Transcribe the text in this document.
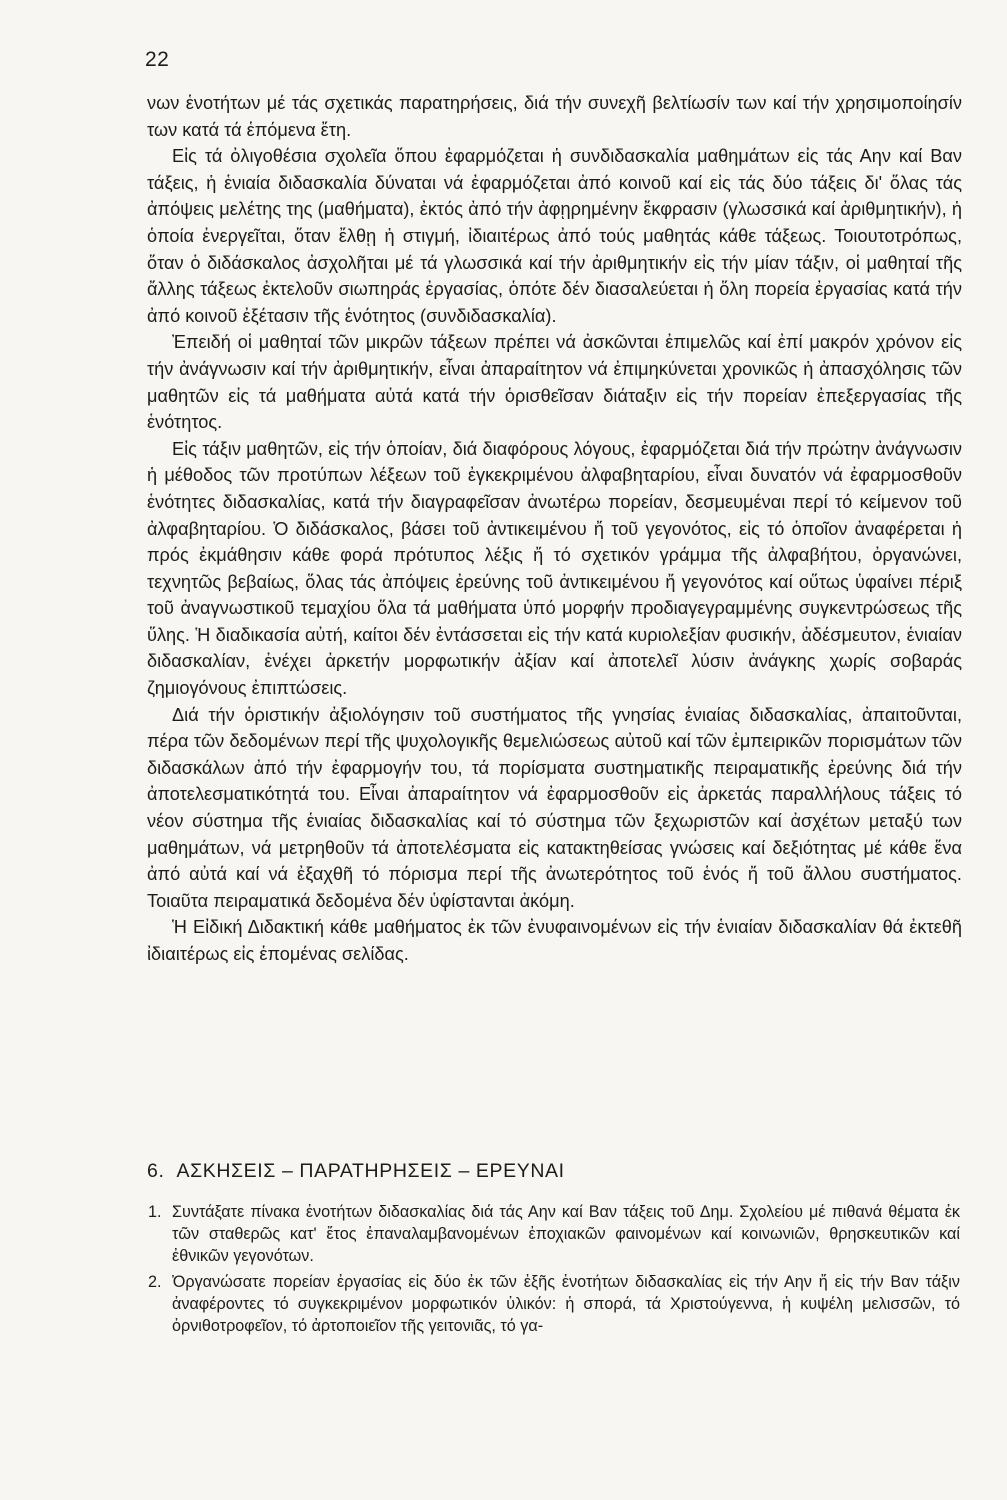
22

νων ἑνοτήτων μέ τάς σχετικάς παρατηρήσεις, διά τήν συνεχῆ βελτίωσίν των καί τήν χρησιμοποίησίν των κατά τά ἑπόμενα ἔτη.

Εἰς τά ὀλιγοθέσια σχολεῖα ὅπου ἐφαρμόζεται ἡ συνδιδασκαλία μαθημάτων εἰς τάς Αην καί Βαν τάξεις, ἡ ἑνιαία διδασκαλία δύναται νά ἐφαρμόζεται ἀπό κοινοῦ καί εἰς τάς δύο τάξεις δι' ὅλας τάς ἀπόψεις μελέτης της (μαθήματα), ἐκτός ἀπό τήν ἀφῃρημένην ἔκφρασιν (γλωσσικά καί ἀριθμητικήν), ἡ ὁποία ἐνεργεῖται, ὅταν ἔλθῃ ἡ στιγμή, ἰδιαιτέρως ἀπό τούς μαθητάς κάθε τάξεως. Τοιουτοτρόπως, ὅταν ὁ διδάσκαλος ἀσχολῆται μέ τά γλωσσικά καί τήν ἀριθμητικήν εἰς τήν μίαν τάξιν, οἱ μαθηταί τῆς ἄλλης τάξεως ἐκτελοῦν σιωπηράς ἐργασίας, ὁπότε δέν διασαλεύεται ἡ ὅλη πορεία ἐργασίας κατά τήν ἀπό κοινοῦ ἐξέτασιν τῆς ἑνότητος (συνδιδασκαλία).

Ἐπειδή οἱ μαθηταί τῶν μικρῶν τάξεων πρέπει νά ἀσκῶνται ἐπιμελῶς καί ἐπί μακρόν χρόνον εἰς τήν ἀνάγνωσιν καί τήν ἀριθμητικήν, εἶναι ἀπαραίτητον νά ἐπιμηκύνεται χρονικῶς ἡ ἀπασχόλησις τῶν μαθητῶν εἰς τά μαθήματα αὐτά κατά τήν ὁρισθεῖσαν διάταξιν εἰς τήν πορείαν ἐπεξεργασίας τῆς ἑνότητος.

Εἰς τάξιν μαθητῶν, εἰς τήν ὁποίαν, διά διαφόρους λόγους, ἐφαρμόζεται διά τήν πρώτην ἀνάγνωσιν ἡ μέθοδος τῶν προτύπων λέξεων τοῦ ἐγκεκριμένου ἀλφαβηταρίου, εἶναι δυνατόν νά ἐφαρμοσθοῦν ἑνότητες διδασκαλίας, κατά τήν διαγραφεῖσαν ἀνωτέρω πορείαν, δεσμευμέναι περί τό κείμενον τοῦ ἀλφαβηταρίου. Ὁ διδάσκαλος, βάσει τοῦ ἀντικειμένου ἤ τοῦ γεγονότος, εἰς τό ὁποῖον ἀναφέρεται ἡ πρός ἐκμάθησιν κάθε φορά πρότυπος λέξις ἤ τό σχετικόν γράμμα τῆς ἀλφαβήτου, ὀργανώνει, τεχνητῶς βεβαίως, ὅλας τάς ἀπόψεις ἐρεύνης τοῦ ἀντικειμένου ἤ γεγονότος καί οὕτως ὑφαίνει πέριξ τοῦ ἀναγνωστικοῦ τεμαχίου ὅλα τά μαθήματα ὑπό μορφήν προδιαγεγραμμένης συγκεντρώσεως τῆς ὕλης. Ἡ διαδικασία αὐτή, καίτοι δέν ἐντάσσεται εἰς τήν κατά κυριολεξίαν φυσικήν, ἀδέσμευτον, ἑνιαίαν διδασκαλίαν, ἐνέχει ἀρκετήν μορφωτικήν ἀξίαν καί ἀποτελεῖ λύσιν ἀνάγκης χωρίς σοβαράς ζημιογόνους ἐπιπτώσεις.

Διά τήν ὁριστικήν ἀξιολόγησιν τοῦ συστήματος τῆς γνησίας ἑνιαίας διδασκαλίας, ἀπαιτοῦνται, πέρα τῶν δεδομένων περί τῆς ψυχολογικῆς θεμελιώσεως αὐτοῦ καί τῶν ἐμπειρικῶν πορισμάτων τῶν διδασκάλων ἀπό τήν ἐφαρμογήν του, τά πορίσματα συστηματικῆς πειραματικῆς ἐρεύνης διά τήν ἀποτελεσματικότητά του. Εἶναι ἀπαραίτητον νά ἐφαρμοσθοῦν εἰς ἀρκετάς παραλλήλους τάξεις τό νέον σύστημα τῆς ἑνιαίας διδασκαλίας καί τό σύστημα τῶν ξεχωριστῶν καί ἀσχέτων μεταξύ των μαθημάτων, νά μετρηθοῦν τά ἀποτελέσματα εἰς κατακτηθείσας γνώσεις καί δεξιότητας μέ κάθε ἕνα ἀπό αὐτά καί νά ἐξαχθῆ τό πόρισμα περί τῆς ἀνωτερότητος τοῦ ἑνός ἤ τοῦ ἄλλου συστήματος. Τοιαῦτα πειραματικά δεδομένα δέν ὑφίστανται ἀκόμη.

Ἡ Εἰδική Διδακτική κάθε μαθήματος ἐκ τῶν ἐνυφαινομένων εἰς τήν ἑνιαίαν διδασκαλίαν θά ἐκτεθῆ ἰδιαιτέρως εἰς ἑπομένας σελίδας.

6. ΑΣΚΗΣΕΙΣ – ΠΑΡΑΤΗΡΗΣΕΙΣ – ΕΡΕΥΝΑΙ
1. Συντάξατε πίνακα ἑνοτήτων διδασκαλίας διά τάς Αην καί Βαν τάξεις τοῦ Δημ. Σχολείου μέ πιθανά θέματα ἐκ τῶν σταθερῶς κατ' ἔτος ἐπαναλαμβανομένων ἐποχιακῶν φαινομένων καί κοινωνιῶν, θρησκευτικῶν καί ἐθνικῶν γεγονότων.
2. Ὀργανώσατε πορείαν ἐργασίας εἰς δύο ἐκ τῶν ἑξῆς ἑνοτήτων διδασκαλίας εἰς τήν Αην ἤ εἰς τήν Βαν τάξιν ἀναφέροντες τό συγκεκριμένον μορφωτικόν ὑλικόν: ἡ σπορά, τά Χριστούγεννα, ἡ κυψέλη μελισσῶν, τό ὀρνιθοτροφεῖον, τό ἀρτοποιεῖον τῆς γειτονιᾶς, τό γα-
